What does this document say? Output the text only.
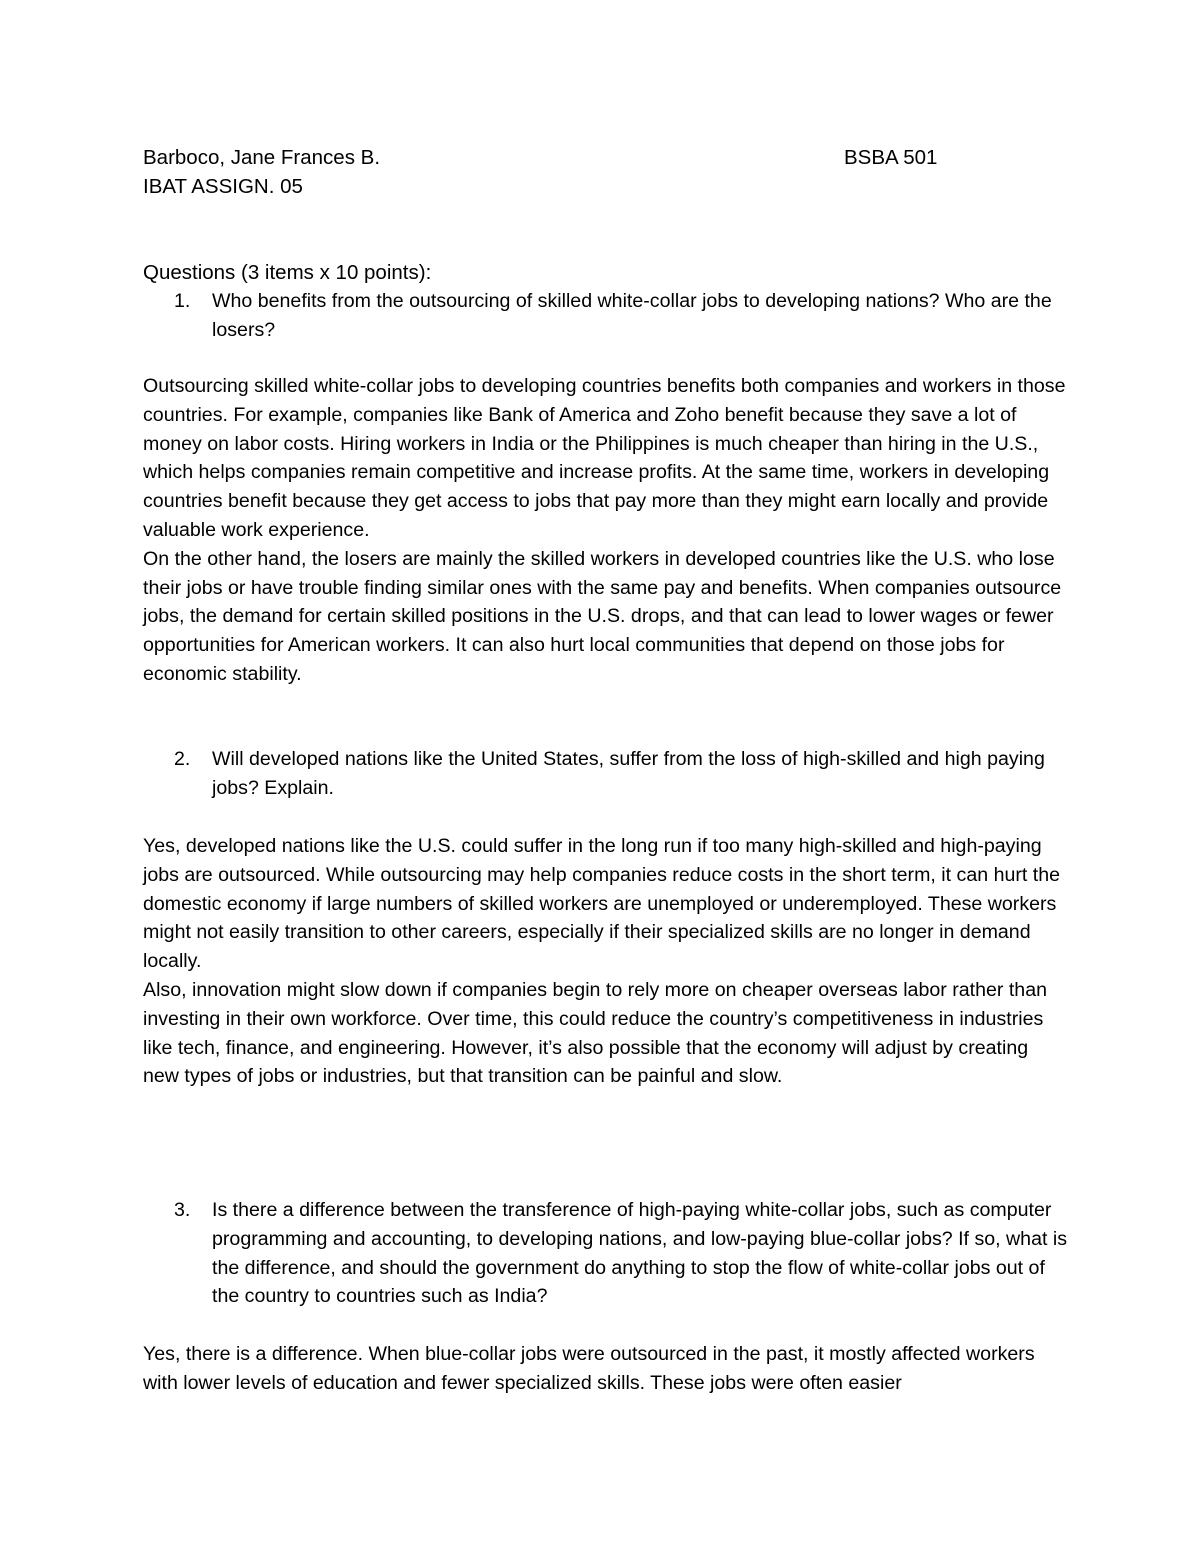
Barboco, Jane Frances B.	BSBA 501
IBAT ASSIGN. 05
Questions (3 items x 10 points):
1. Who benefits from the outsourcing of skilled white-collar jobs to developing nations? Who are the losers?

Outsourcing skilled white-collar jobs to developing countries benefits both companies and workers in those countries. For example, companies like Bank of America and Zoho benefit because they save a lot of money on labor costs. Hiring workers in India or the Philippines is much cheaper than hiring in the U.S., which helps companies remain competitive and increase profits. At the same time, workers in developing countries benefit because they get access to jobs that pay more than they might earn locally and provide valuable work experience.

On the other hand, the losers are mainly the skilled workers in developed countries like the U.S. who lose their jobs or have trouble finding similar ones with the same pay and benefits. When companies outsource jobs, the demand for certain skilled positions in the U.S. drops, and that can lead to lower wages or fewer opportunities for American workers. It can also hurt local communities that depend on those jobs for economic stability.

2. Will developed nations like the United States, suffer from the loss of high-skilled and high paying jobs? Explain.

Yes, developed nations like the U.S. could suffer in the long run if too many high-skilled and high-paying jobs are outsourced. While outsourcing may help companies reduce costs in the short term, it can hurt the domestic economy if large numbers of skilled workers are unemployed or underemployed. These workers might not easily transition to other careers, especially if their specialized skills are no longer in demand locally.

Also, innovation might slow down if companies begin to rely more on cheaper overseas labor rather than investing in their own workforce. Over time, this could reduce the country’s competitiveness in industries like tech, finance, and engineering. However, it’s also possible that the economy will adjust by creating new types of jobs or industries, but that transition can be painful and slow.

3. Is there a difference between the transference of high-paying white-collar jobs, such as computer programming and accounting, to developing nations, and low-paying blue-collar jobs? If so, what is the difference, and should the government do anything to stop the flow of white-collar jobs out of the country to countries such as India?

Yes, there is a difference. When blue-collar jobs were outsourced in the past, it mostly affected workers with lower levels of education and fewer specialized skills. These jobs were often easier
